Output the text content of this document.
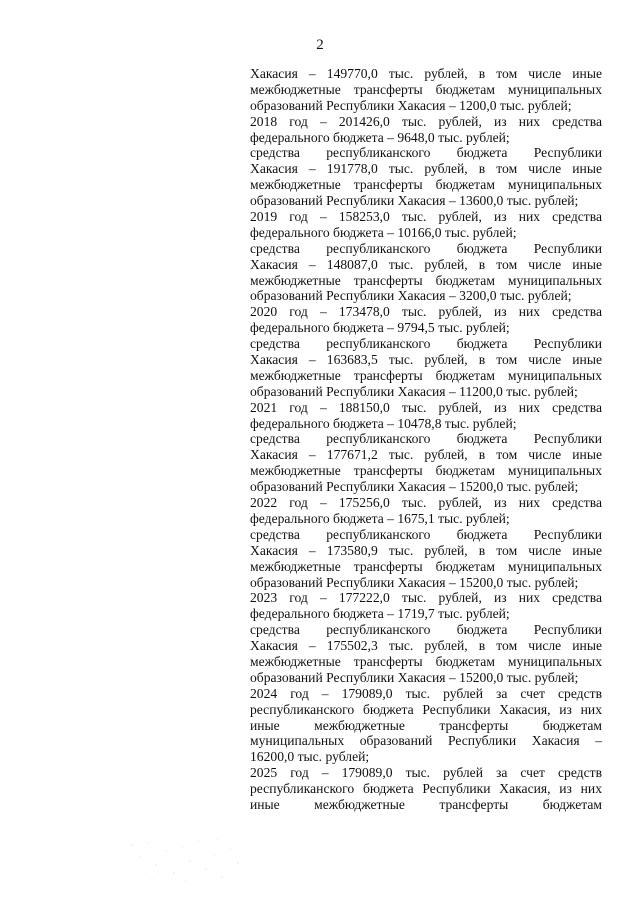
2
Хакасия – 149770,0 тыс. рублей, в том числе иные
межбюджетные трансферты бюджетам муниципальных
образований Республики Хакасия – 1200,0 тыс. рублей;
2018 год – 201426,0 тыс. рублей, из них средства
федерального бюджета – 9648,0 тыс. рублей;
средства республиканского бюджета Республики
Хакасия – 191778,0 тыс. рублей, в том числе иные
межбюджетные трансферты бюджетам муниципальных
образований Республики Хакасия – 13600,0 тыс. рублей;
2019 год – 158253,0 тыс. рублей, из них средства
федерального бюджета – 10166,0 тыс. рублей;
средства республиканского бюджета Республики
Хакасия – 148087,0 тыс. рублей, в том числе иные
межбюджетные трансферты бюджетам муниципальных
образований Республики Хакасия – 3200,0 тыс. рублей;
2020 год – 173478,0 тыс. рублей, из них средства
федерального бюджета – 9794,5 тыс. рублей;
средства республиканского бюджета Республики
Хакасия – 163683,5 тыс. рублей, в том числе иные
межбюджетные трансферты бюджетам муниципальных
образований Республики Хакасия – 11200,0 тыс. рублей;
2021 год – 188150,0 тыс. рублей, из них средства
федерального бюджета – 10478,8 тыс. рублей;
средства республиканского бюджета Республики
Хакасия – 177671,2 тыс. рублей, в том числе иные
межбюджетные трансферты бюджетам муниципальных
образований Республики Хакасия – 15200,0 тыс. рублей;
2022 год – 175256,0 тыс. рублей, из них средства
федерального бюджета – 1675,1 тыс. рублей;
средства республиканского бюджета Республики
Хакасия – 173580,9 тыс. рублей, в том числе иные
межбюджетные трансферты бюджетам муниципальных
образований Республики Хакасия – 15200,0 тыс. рублей;
2023 год – 177222,0 тыс. рублей, из них средства
федерального бюджета – 1719,7 тыс. рублей;
средства республиканского бюджета Республики
Хакасия – 175502,3 тыс. рублей, в том числе иные
межбюджетные трансферты бюджетам муниципальных
образований Республики Хакасия – 15200,0 тыс. рублей;
2024 год – 179089,0 тыс. рублей за счет средств
республиканского бюджета Республики Хакасия, из них
иные межбюджетные трансферты бюджетам
муниципальных образований Республики Хакасия –
16200,0 тыс. рублей;
2025 год – 179089,0 тыс. рублей за счет средств
республиканского бюджета Республики Хакасия, из них
иные межбюджетные трансферты бюджетам
